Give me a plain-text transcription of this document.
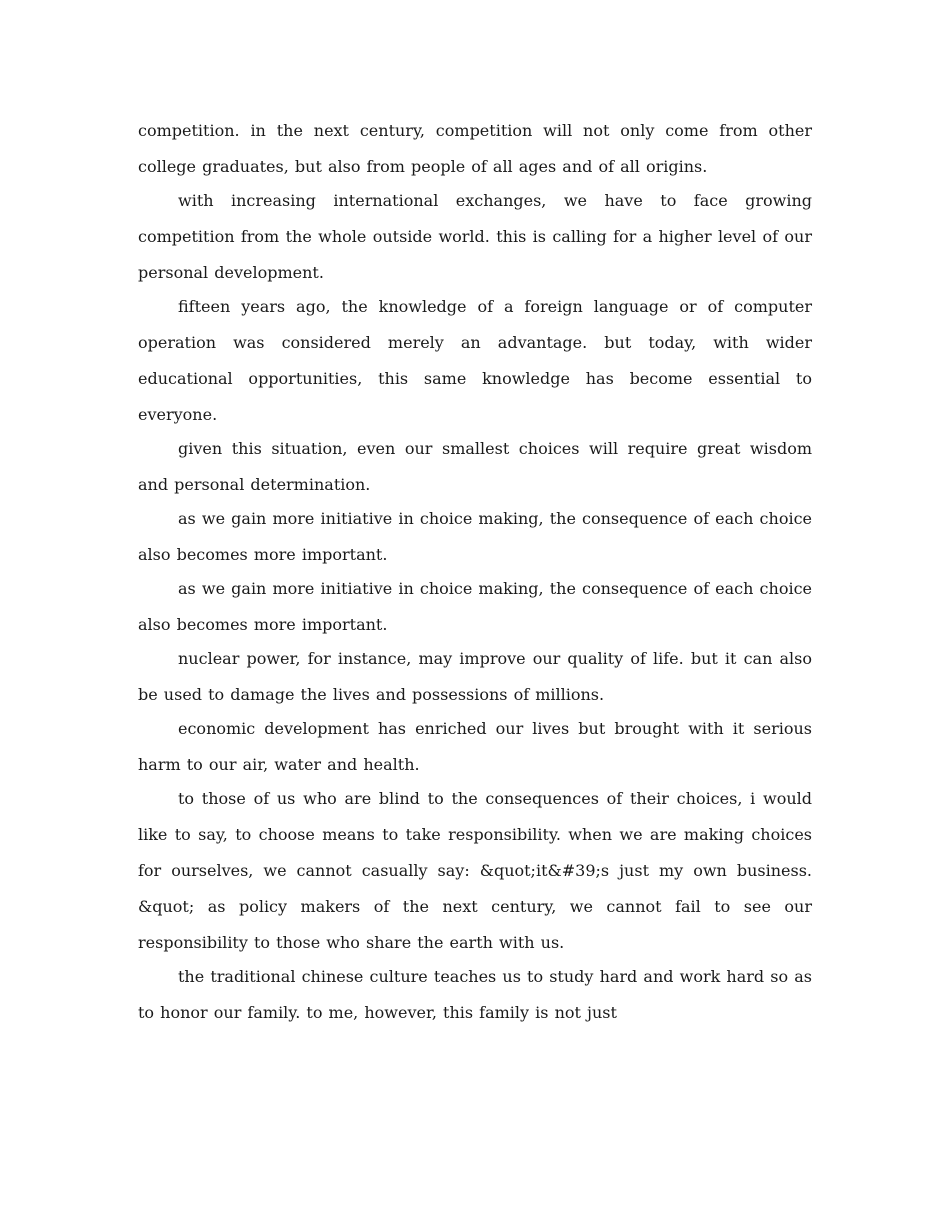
competition. in the next century, competition will not only come from other college graduates, but also from people of all ages and of all origins.

with increasing international exchanges, we have to face growing competition from the whole outside world. this is calling for a higher level of our personal development.

fifteen years ago, the knowledge of a foreign language or of computer operation was considered merely an advantage. but today, with wider educational opportunities, this same knowledge has become essential to everyone.

given this situation, even our smallest choices will require great wisdom and personal determination.

as we gain more initiative in choice making, the consequence of each choice also becomes more important.

as we gain more initiative in choice making, the consequence of each choice also becomes more important.

nuclear power, for instance, may improve our quality of life. but it can also be used to damage the lives and possessions of millions.

economic development has enriched our lives but brought with it serious harm to our air, water and health.

to those of us who are blind to the consequences of their choices, i would like to say, to choose means to take responsibility. when we are making choices for ourselves, we cannot casually say: &quot;it&#39;s just my own business. &quot; as policy makers of the next century, we cannot fail to see our responsibility to those who share the earth with us.

the traditional chinese culture teaches us to study hard and work hard so as to honor our family. to me, however, this family is not just
